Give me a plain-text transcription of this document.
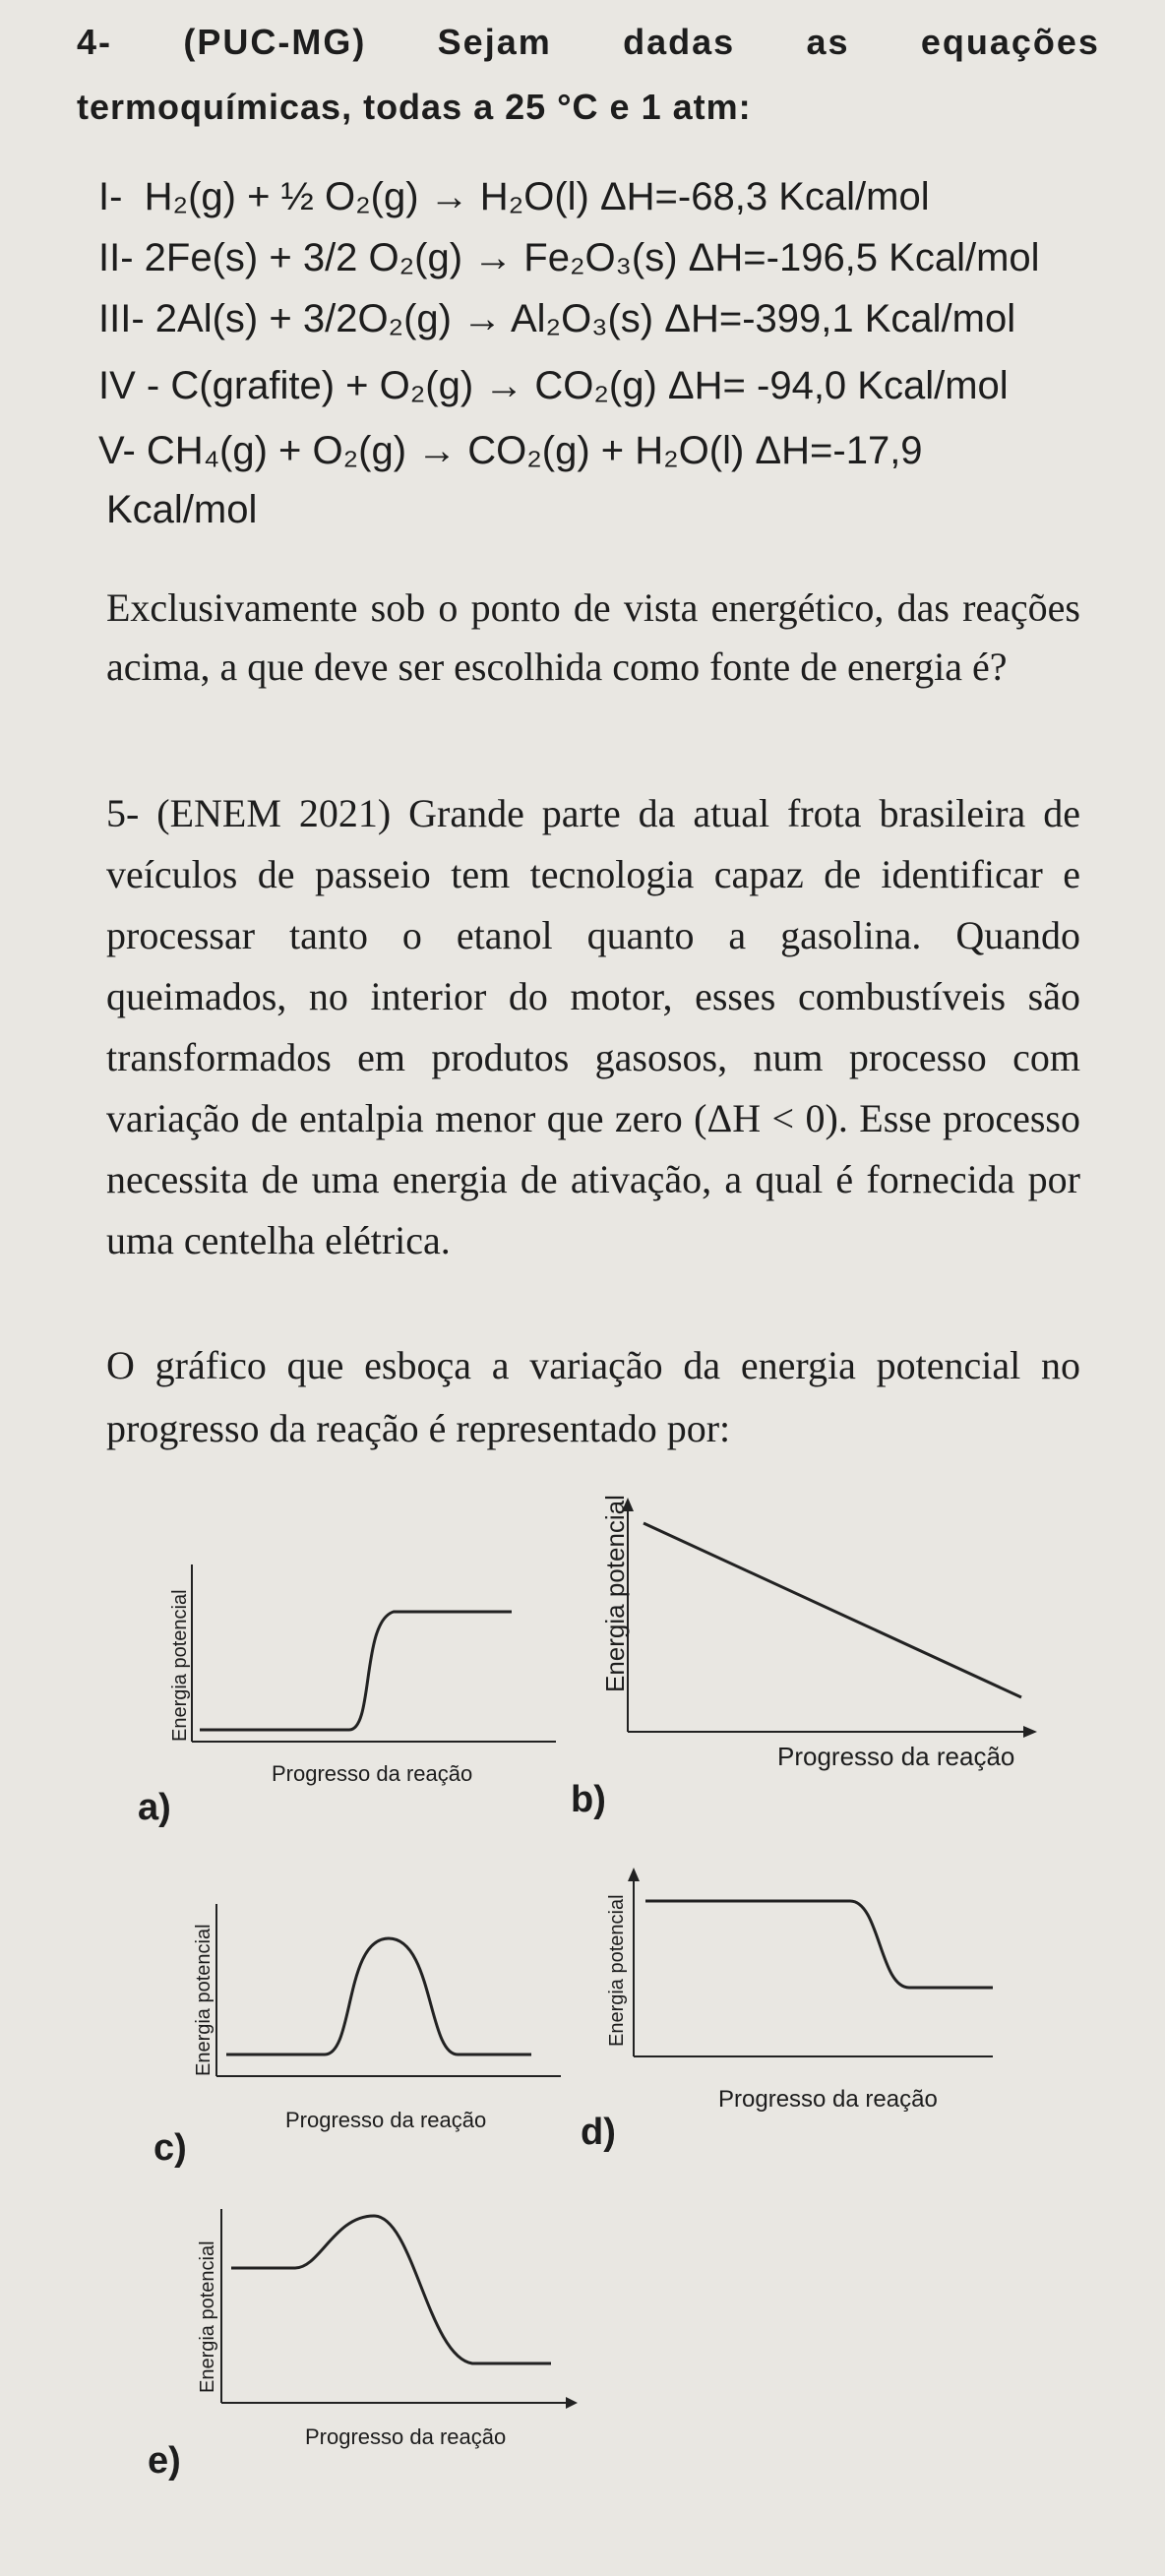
4- (PUC-MG) Sejam dadas as equações
termoquímicas, todas a 25 °C e 1 atm:
I- H₂(g) + ½ O₂(g) → H₂O(l) ΔH=-68,3 Kcal/mol
II- 2Fe(s) + 3/2 O₂(g) → Fe₂O₃(s) ΔH=-196,5 Kcal/mol
III- 2Al(s) + 3/2O₂(g) → Al₂O₃(s) ΔH=-399,1 Kcal/mol
IV - C(grafite) + O₂(g) → CO₂(g) ΔH= -94,0 Kcal/mol
V- CH₄(g) + O₂(g) → CO₂(g) + H₂O(l) ΔH=-17,9
Kcal/mol
Exclusivamente sob o ponto de vista energético, das reações acima, a que deve ser escolhida como fonte de energia é?
5- (ENEM 2021) Grande parte da atual frota brasileira de veículos de passeio tem tecnologia capaz de identificar e processar tanto o etanol quanto a gasolina. Quando queimados, no interior do motor, esses combustíveis são transformados em produtos gasosos, num processo com variação de entalpia menor que zero (ΔH < 0). Esse processo necessita de uma energia de ativação, a qual é fornecida por uma centelha elétrica.
O gráfico que esboça a variação da energia potencial no progresso da reação é representado por:
Energia potencial
Progresso da reação
a)
Energia potencial
Progresso da reação
b)
Energia potencial
Progresso da reação
c)
Energia potencial
Progresso da reação
d)
Energia potencial
Progresso da reação
e)
